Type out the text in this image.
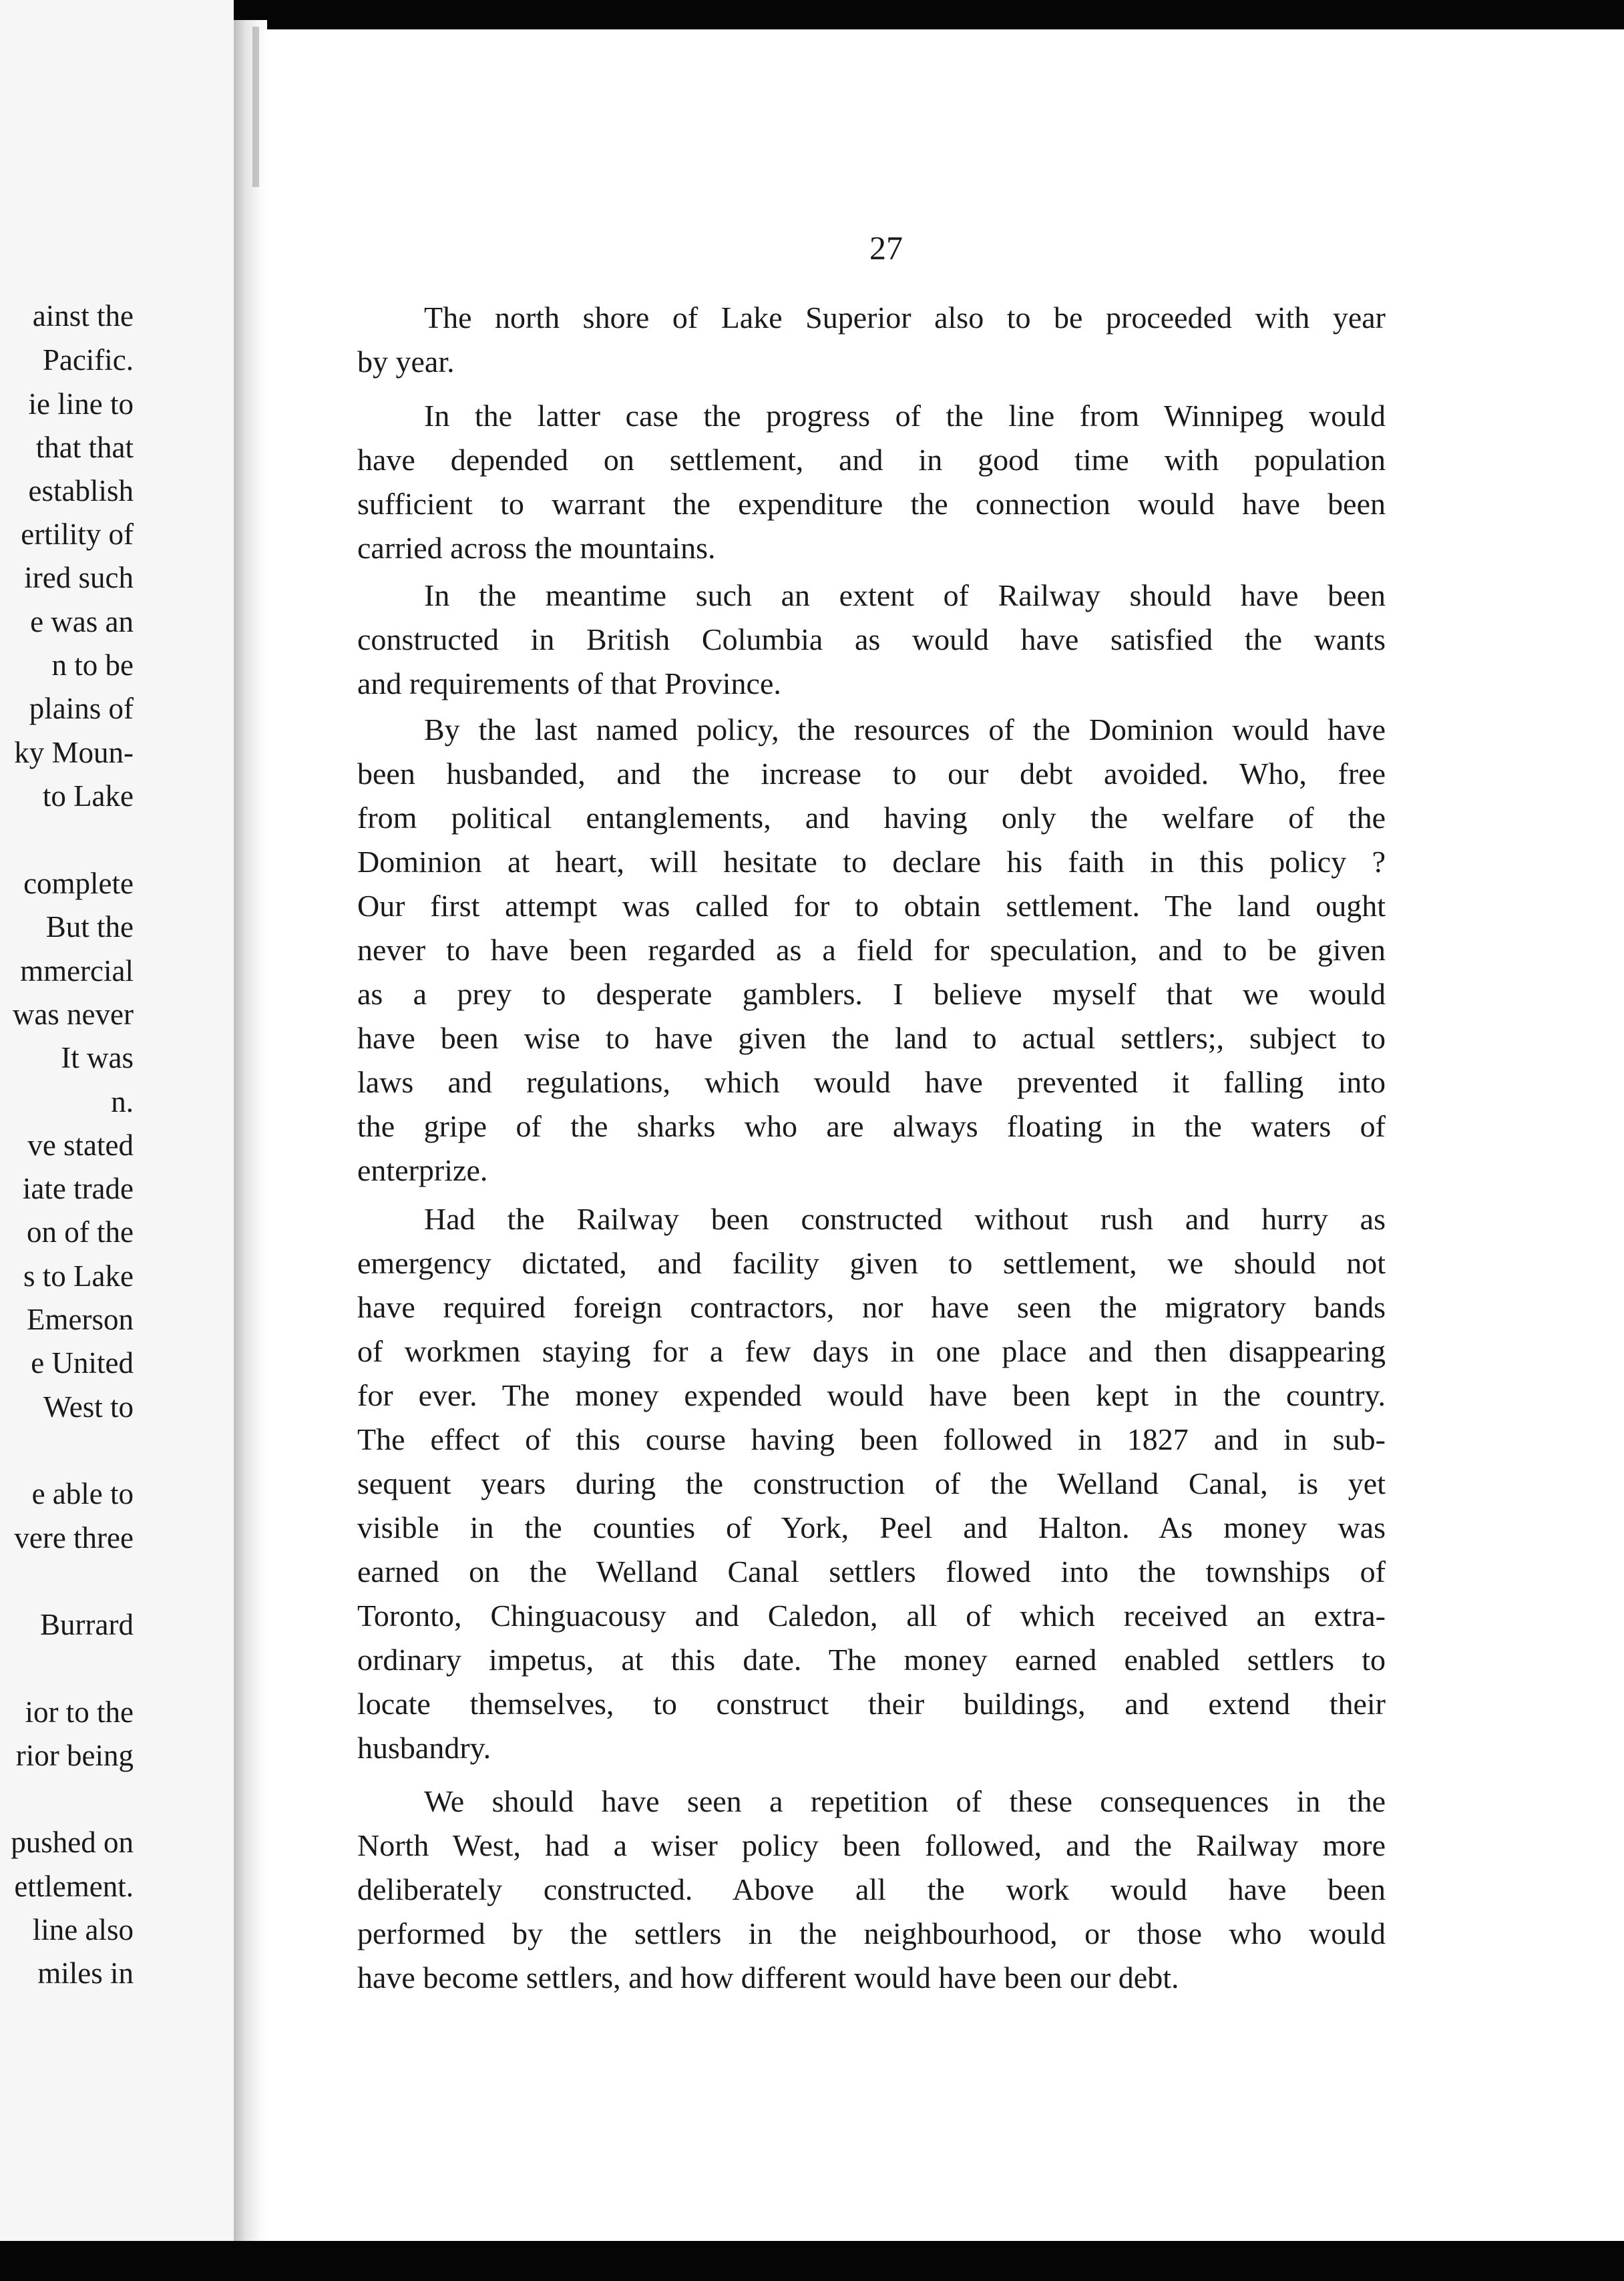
ainst the
Pacific.
ie line to
that that
establish
ertility of
ired such
e was an
n to be
plains of
ky Moun-
to Lake
complete
But the
mmercial
was never
It was
n.
ve stated
iate trade
on of the
s to Lake
Emerson
e United
West to
e able to
vere three
Burrard
ior to the
rior being
pushed on
ettlement.
line also
miles in
27
The north shore of Lake Superior also to be proceeded with year
by year.
In the latter case the progress of the line from Winnipeg would
have depended on settlement, and in good time with population
sufficient to warrant the expenditure the connection would have been
carried across the mountains.
In the meantime such an extent of Railway should have been
constructed in British Columbia as would have satisfied the wants
and requirements of that Province.
By the last named policy, the resources of the Dominion would have
been husbanded, and the increase to our debt avoided. Who, free
from political entanglements, and having only the welfare of the
Dominion at heart, will hesitate to declare his faith in this policy ?
Our first attempt was called for to obtain settlement. The land ought
never to have been regarded as a field for speculation, and to be given
as a prey to desperate gamblers. I believe myself that we would
have been wise to have given the land to actual settlers;, subject to
laws and regulations, which would have prevented it falling into
the gripe of the sharks who are always floating in the waters of
enterprize.
Had the Railway been constructed without rush and hurry as
emergency dictated, and facility given to settlement, we should not
have required foreign contractors, nor have seen the migratory bands
of workmen staying for a few days in one place and then disappearing
for ever. The money expended would have been kept in the country.
The effect of this course having been followed in 1827 and in sub-
sequent years during the construction of the Welland Canal, is yet
visible in the counties of York, Peel and Halton. As money was
earned on the Welland Canal settlers flowed into the townships of
Toronto, Chinguacousy and Caledon, all of which received an extra-
ordinary impetus, at this date. The money earned enabled settlers to
locate themselves, to construct their buildings, and extend their
husbandry.
We should have seen a repetition of these consequences in the
North West, had a wiser policy been followed, and the Railway more
deliberately constructed. Above all the work would have been
performed by the settlers in the neighbourhood, or those who would
have become settlers, and how different would have been our debt.
